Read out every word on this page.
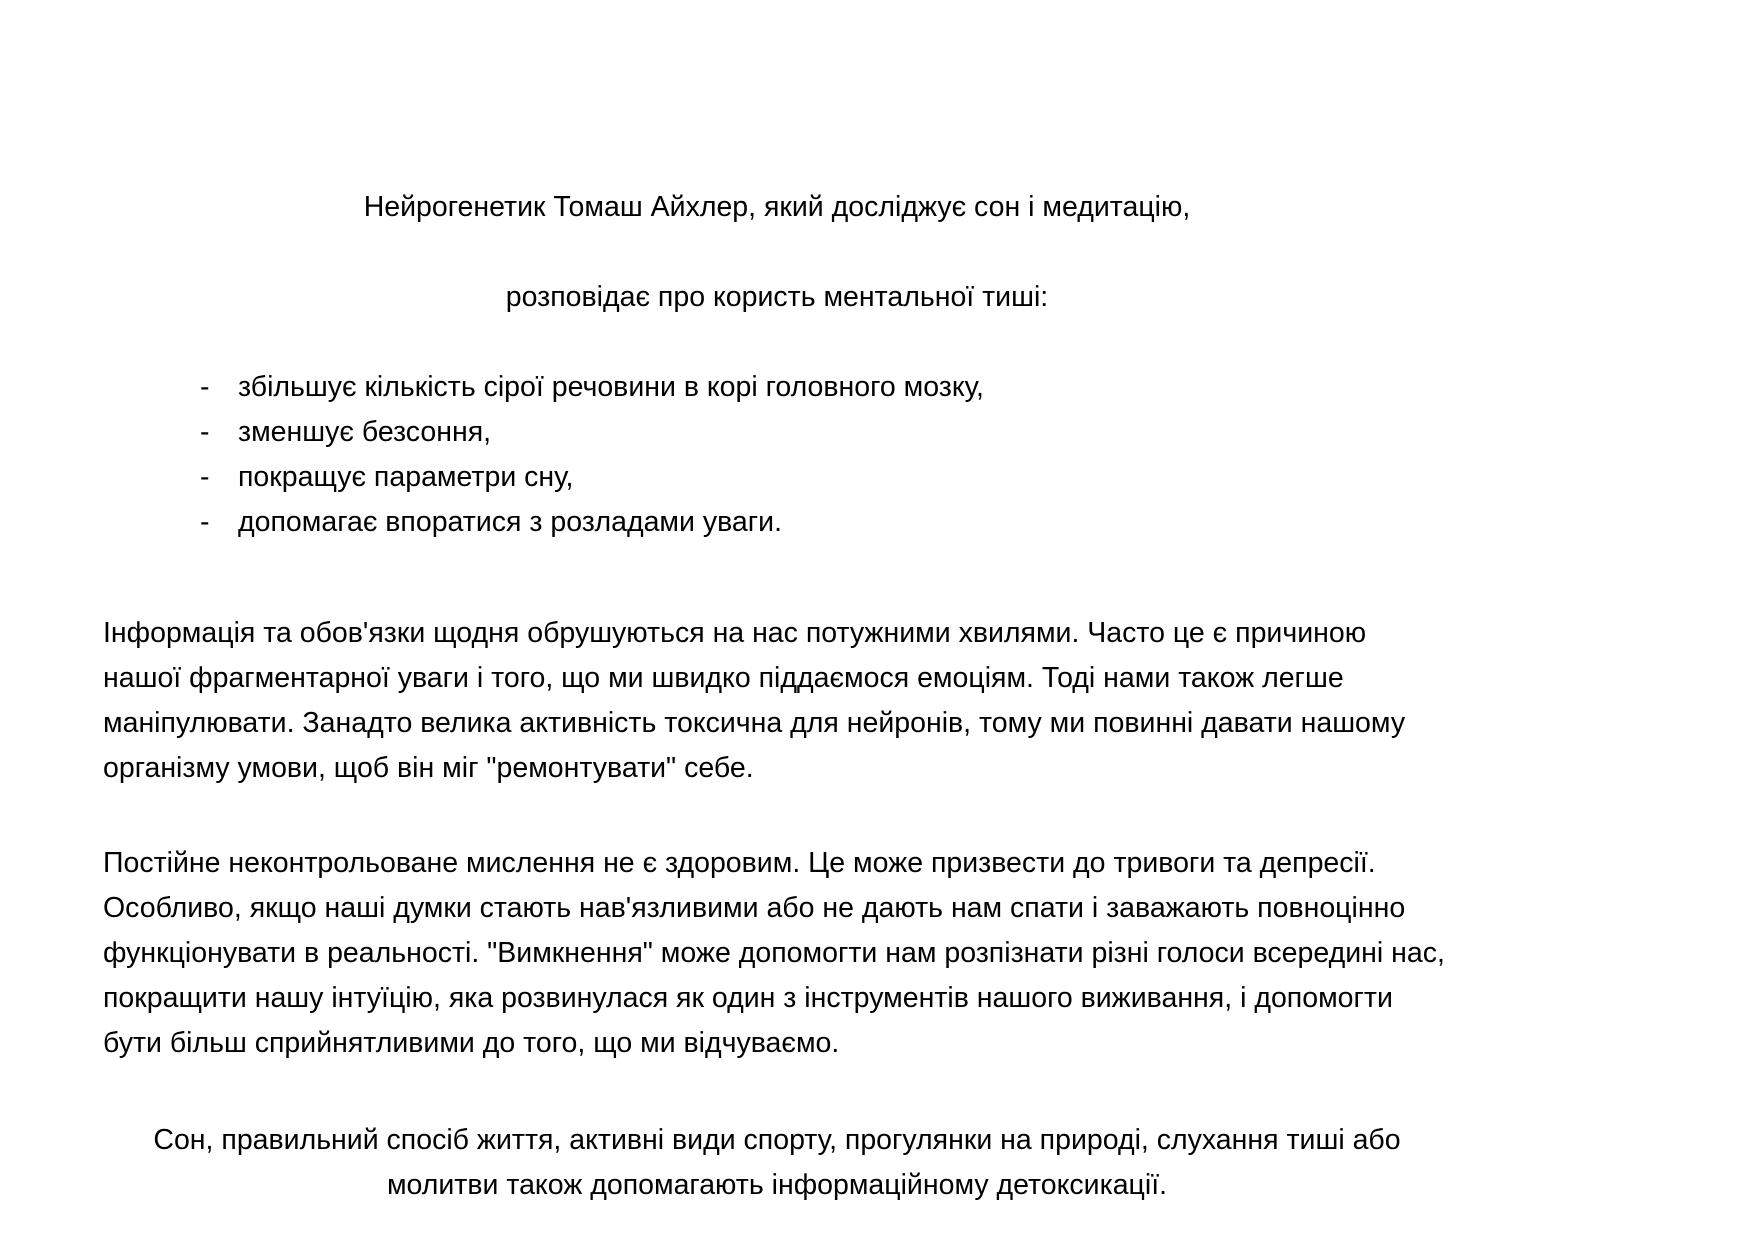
Нейрогенетик Томаш Айхлер, який досліджує сон і медитацію,

розповідає про користь ментальної тиші:

-	збільшує кількість сірої речовини в корі головного мозку,
-	зменшує безсоння,
-	покращує параметри сну,
-	допомагає впоратися з розладами уваги.
Інформація та обов'язки щодня обрушуються на нас потужними хвилями. Часто це є причиною нашої фрагментарної уваги і того, що ми швидко піддаємося емоціям. Тоді нами також легше маніпулювати. Занадто велика активність токсична для нейронів, тому ми повинні давати нашому організму умови, щоб він міг "ремонтувати" себе.
Постійне неконтрольоване мислення не є здоровим. Це може призвести до тривоги та депресії. Особливо, якщо наші думки стають нав'язливими або не дають нам спати і заважають повноцінно функціонувати в реальності. "Вимкнення" може допомогти нам розпізнати різні голоси всередині нас, покращити нашу інтуїцію, яка розвинулася як один з інструментів нашого виживання, і допомогти бути більш сприйнятливими до того, що ми відчуваємо.
Сон, правильний спосіб життя, активні види спорту, прогулянки на природі, слухання тиші або молитви також допомагають інформаційному детоксикації.
